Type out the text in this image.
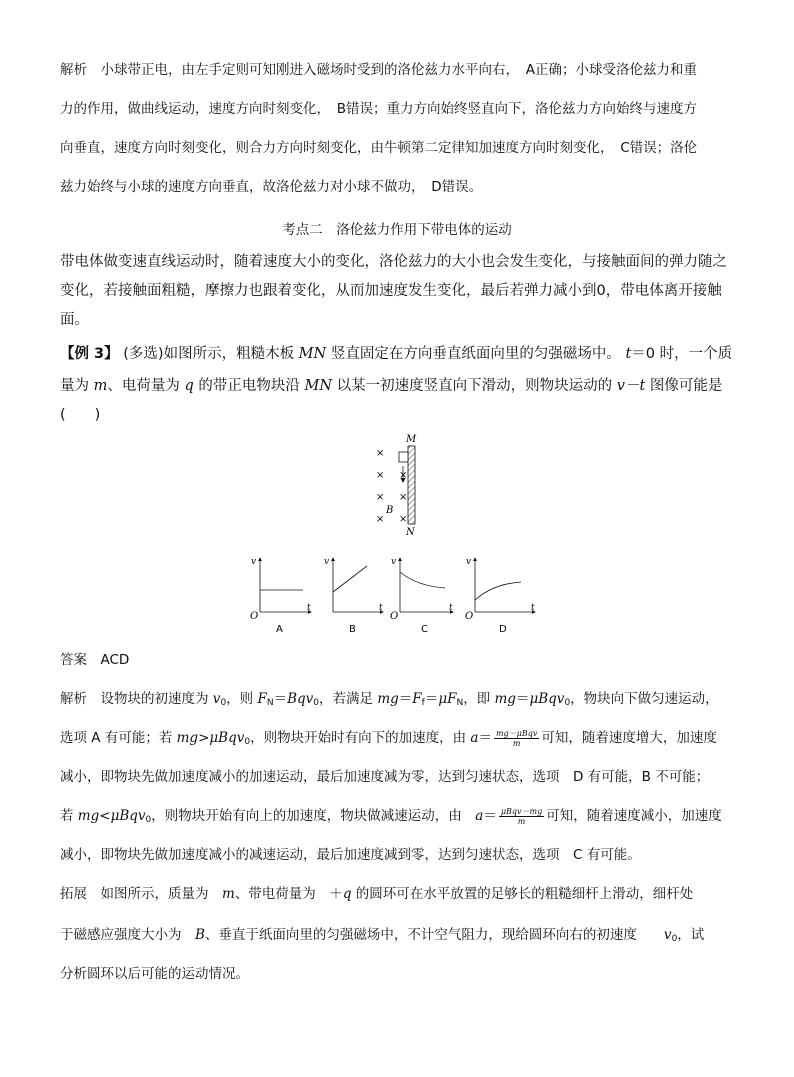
解析　小球带正电，由左手定则可知刚进入磁场时受到的洛伦兹力水平向右，　A正确；小球受洛伦兹力和重
力的作用，做曲线运动，速度方向时刻变化，　B错误；重力方向始终竖直向下，洛伦兹力方向始终与速度方
向垂直，速度方向时刻变化，则合力方向时刻变化，由牛顿第二定律知加速度方向时刻变化，　C错误；洛伦
兹力始终与小球的速度方向垂直，故洛伦兹力对小球不做功，　D错误。
考点二　洛伦兹力作用下带电体的运动
带电体做变速直线运动时，随着速度大小的变化，洛伦兹力的大小也会发生变化，与接触面间的弹力随之
变化，若接触面粗糙，摩擦力也跟着变化，从而加速度发生变化，最后若弹力减小到0，带电体离开接触
面。
【例 3】 (多选)如图所示，粗糙木板 MN 竖直固定在方向垂直纸面向里的匀强磁场中。 t＝0 时，一个质
量为 m、电荷量为 q 的带正电物块沿 MN 以某一初速度竖直向下滑动，则物块运动的 v－t 图像可能是
(　　)
M
×
×
×
× ×
× ×
B
N
v
t
O
A
v
t
B
v
t
O
C
v
t
O
D
答案　ACD
解析　设物块的初速度为 $v_0$，则 $F_N=Bqv_0$，若满足 $mg=F_f=\mu F_N$，即 mg＝μBqv$_0$，物块向下做匀速运动，
选项 A 有可能；若 mg>μBqv$_0$，则物块开始时有向下的加速度，由 $a= \frac{\text{mg－μBqv}}{m}$ 可知，随着速度增大，加速度
减小，即物块先做加速度减小的加速运动，最后加速度减为零，达到匀速状态，选项　D 有可能，B 不可能；
若 mg<μBqv$_0$，则物块开始有向上的加速度，物块做减速运动，由　$a= \frac{\text{μBqv－mg}}{m}$ 可知，随着速度减小，加速度
减小，即物块先做加速度减小的减速运动，最后加速度减到零，达到匀速状态，选项　C 有可能。
拓展　如图所示，质量为　m、带电荷量为　＋q 的圆环可在水平放置的足够长的粗糙细杆上滑动，细杆处
于磁感应强度大小为　B、垂直于纸面向里的匀强磁场中，不计空气阻力，现给圆环向右的初速度　　$v_0$，试
分析圆环以后可能的运动情况。
